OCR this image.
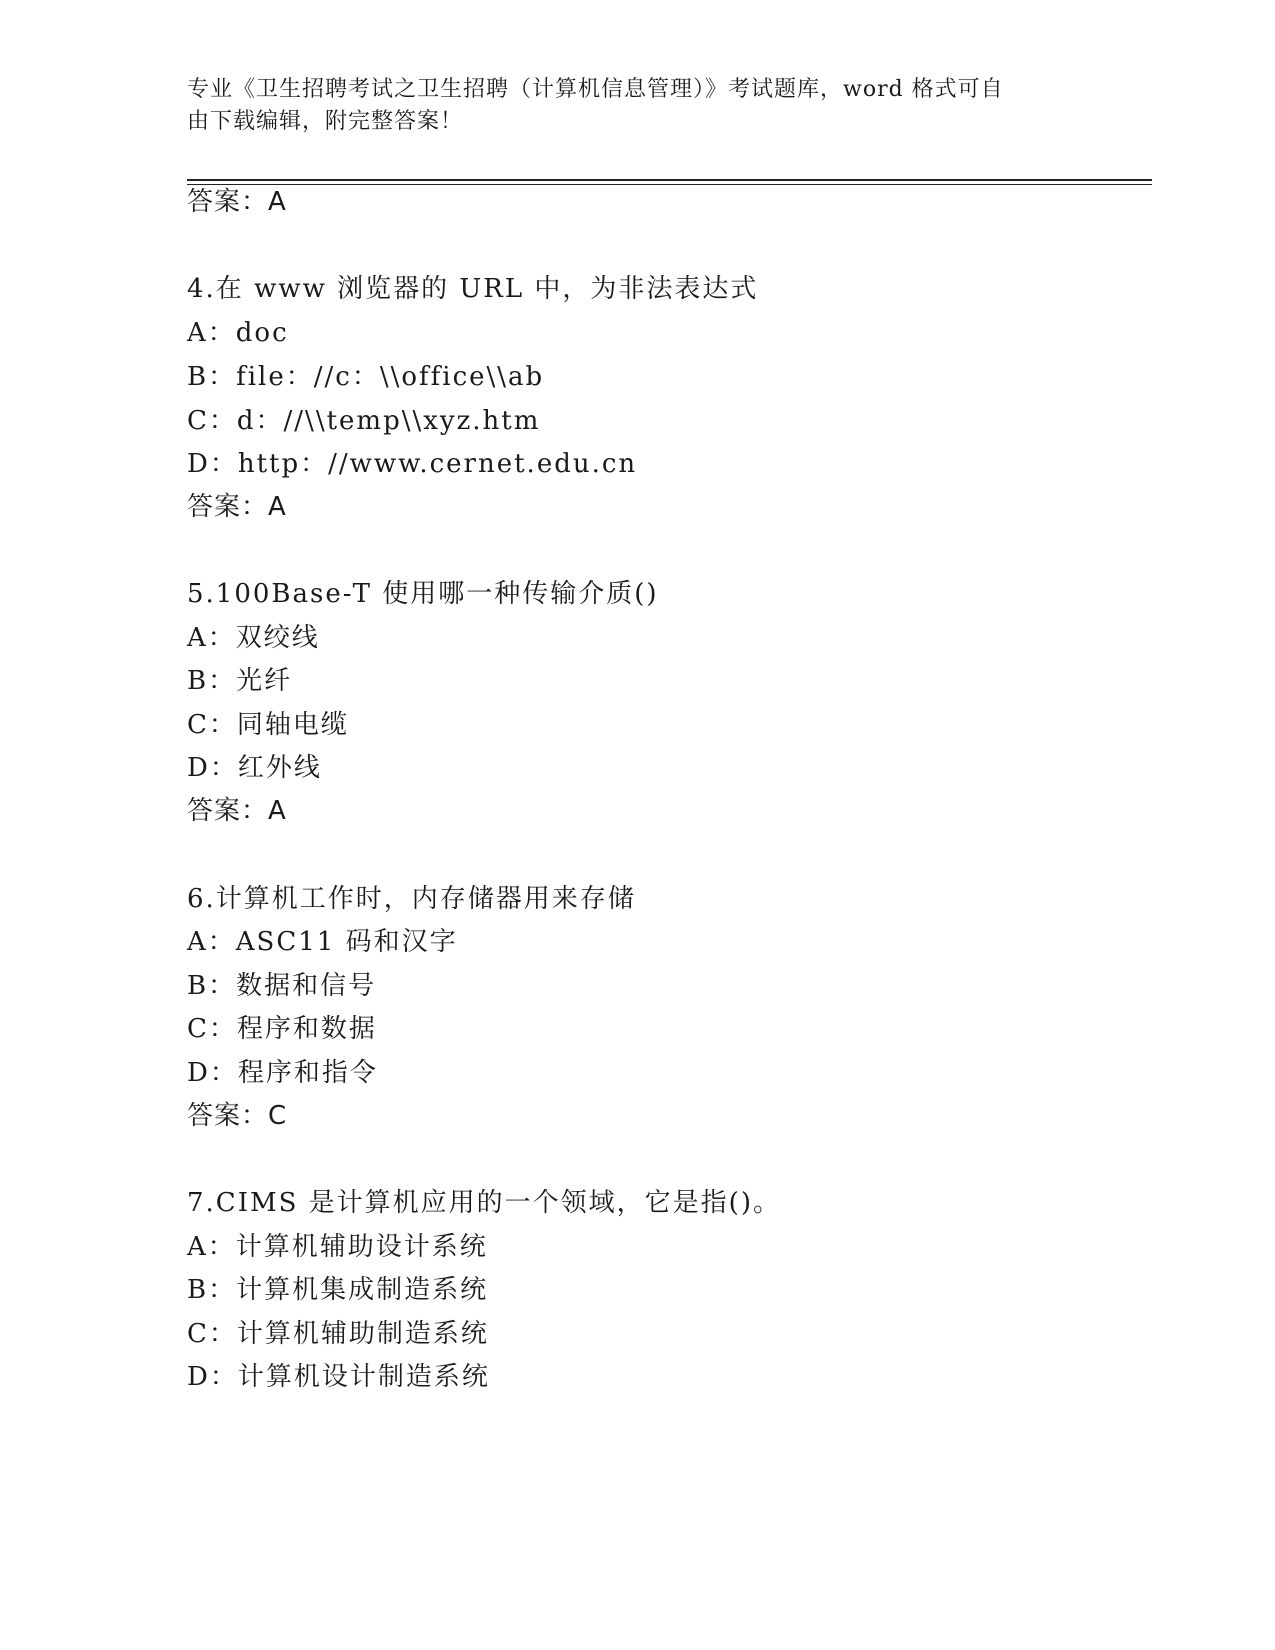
专业《卫生招聘考试之卫生招聘（计算机信息管理）》考试题库，word 格式可自
由下载编辑，附完整答案！
答案：A
4.在 www 浏览器的 URL 中，为非法表达式
A：doc
B：file：//c：\\office\\ab
C：d：//\\temp\\xyz.htm
D：http：//www.cernet.edu.cn
答案：A
5.100Base-T 使用哪一种传输介质()
A：双绞线
B：光纤
C：同轴电缆
D：红外线
答案：A
6.计算机工作时，内存储器用来存储
A：ASC11 码和汉字
B：数据和信号
C：程序和数据
D：程序和指令
答案：C
7.CIMS 是计算机应用的一个领域，它是指()。
A：计算机辅助设计系统
B：计算机集成制造系统
C：计算机辅助制造系统
D：计算机设计制造系统
